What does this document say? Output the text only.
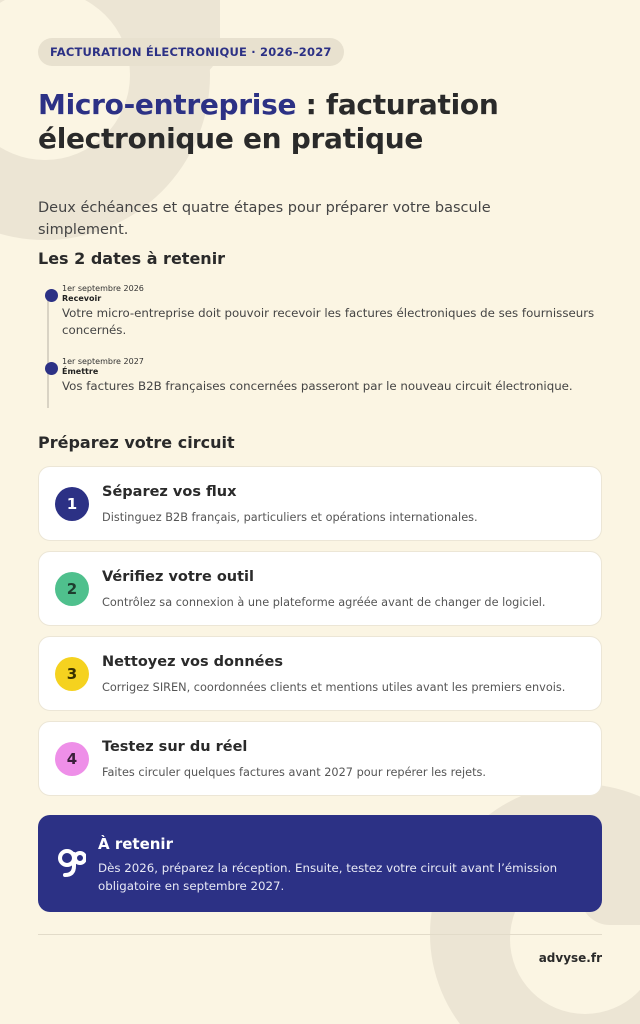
FACTURATION ÉLECTRONIQUE · 2026–2027
Micro-entreprise : facturation électronique en pratique

Deux échéances et quatre étapes pour préparer votre bascule simplement.

Les 2 dates à retenir
1er septembre 2026
Recevoir

Votre micro-entreprise doit pouvoir recevoir les factures électroniques de ses fournisseurs concernés.

1er septembre 2027
Émettre

Vos factures B2B françaises concernées passeront par le nouveau circuit électronique.

Préparez votre circuit
1
Séparez vos flux

Distinguez B2B français, particuliers et opérations internationales.

2
Vérifiez votre outil

Contrôlez sa connexion à une plateforme agréée avant de changer de logiciel.

3
Nettoyez vos données

Corrigez SIREN, coordonnées clients et mentions utiles avant les premiers envois.

4
Testez sur du réel

Faites circuler quelques factures avant 2027 pour repérer les rejets.

À retenir

Dès 2026, préparez la réception. Ensuite, testez votre circuit avant l’émission obligatoire en septembre 2027.

advyse.fr
